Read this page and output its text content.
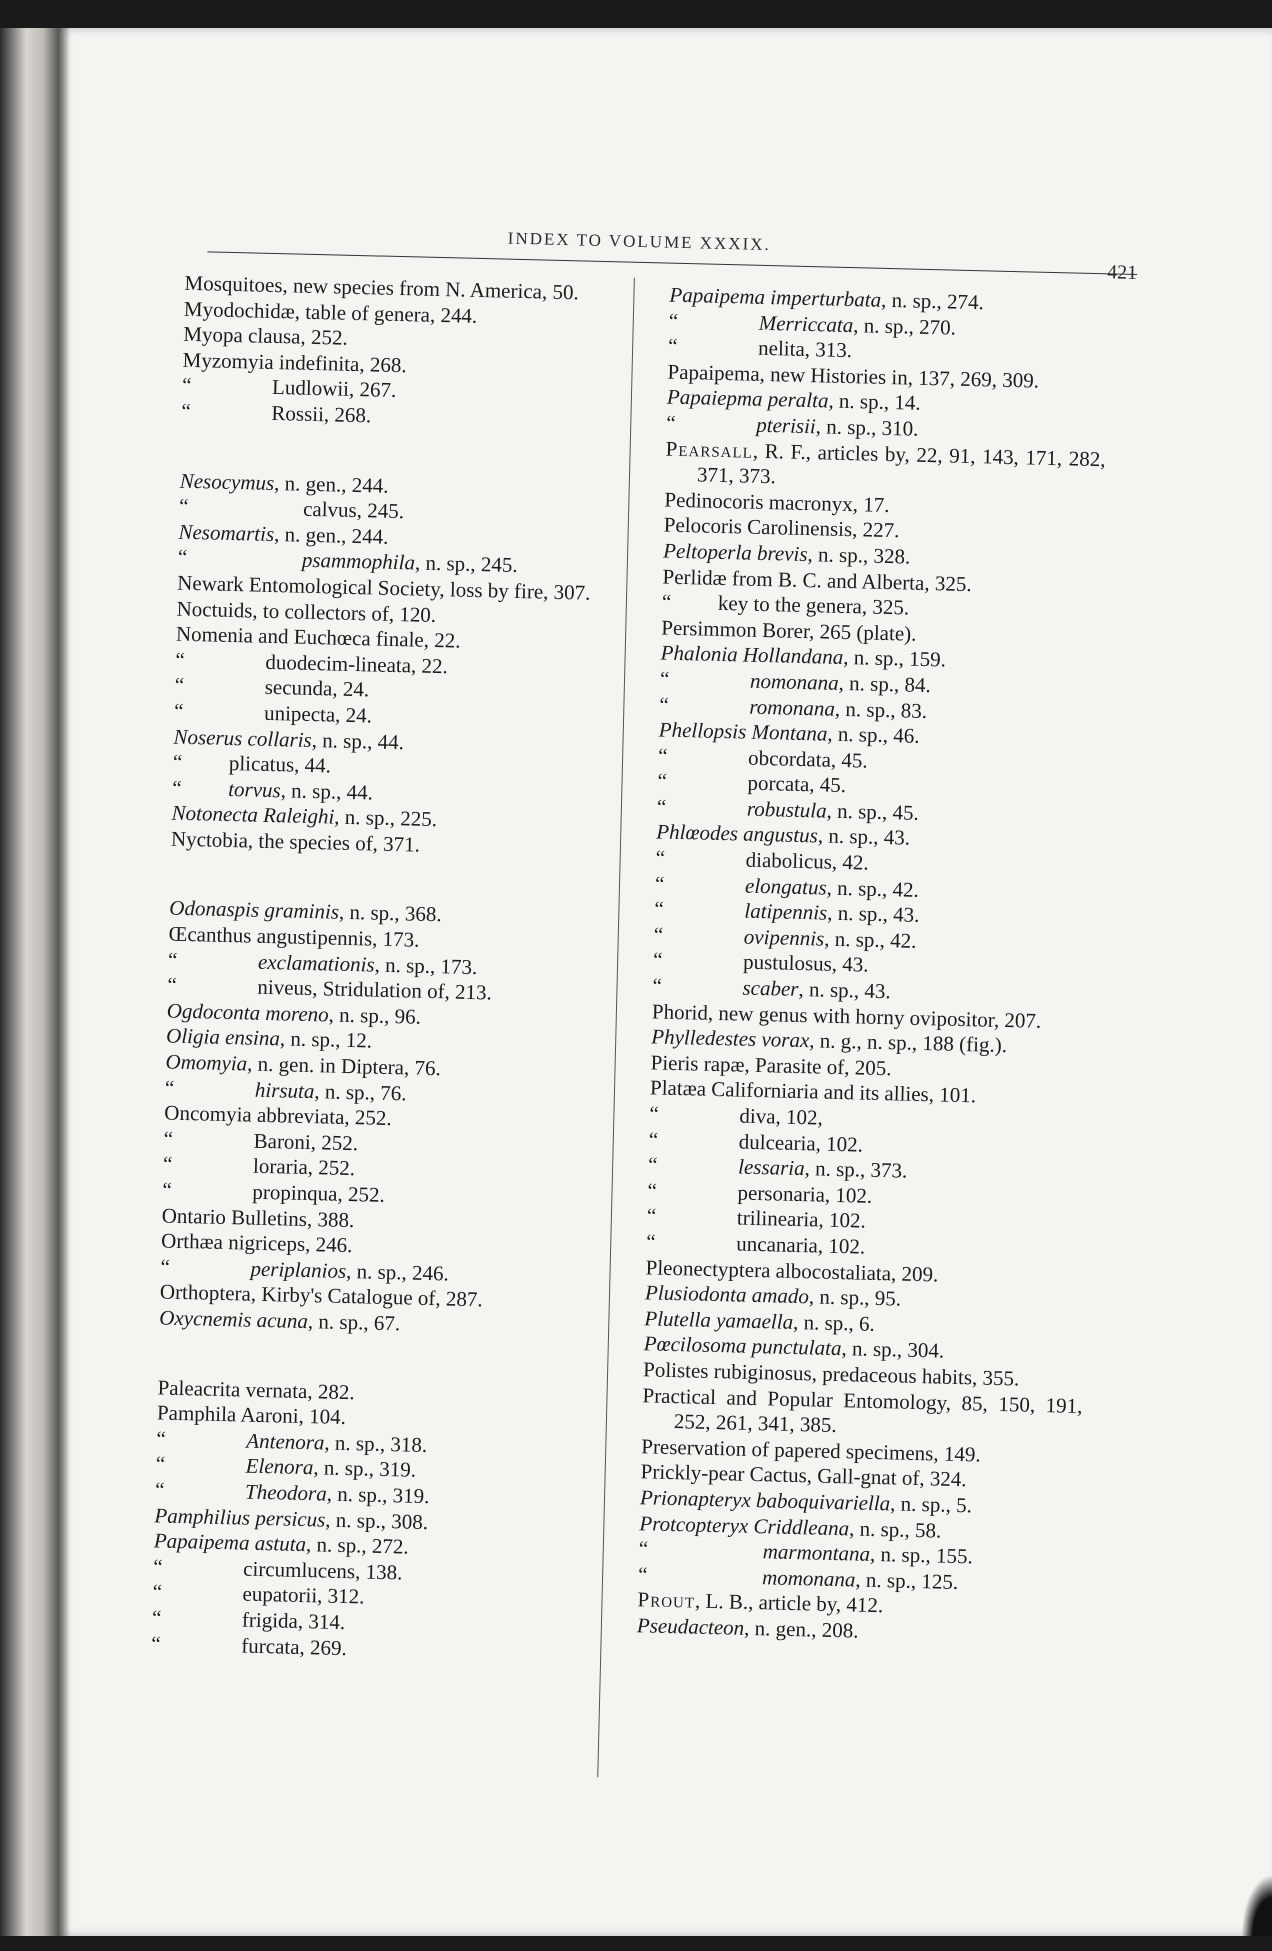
INDEX TO VOLUME XXXIX.
421

Mosquitoes, new species from N. America, 50.

Myodochidæ, table of genera, 244.

Myopa clausa, 252.

Myzomyia indefinita, 268.

“	Ludlowii, 267.

“	Rossii, 268.

Nesocymus, n. gen., 244.

“	calvus, 245.

Nesomartis, n. gen., 244.

“	psammophila, n. sp., 245.

Newark Entomological Society, loss by fire, 307.

Noctuids, to collectors of, 120.

Nomenia and Euchœca finale, 22.

“	duodecim-lineata, 22.

“	secunda, 24.

“	unipecta, 24.

Noserus collaris, n. sp., 44.

“ plicatus, 44.

“ torvus, n. sp., 44.

Notonecta Raleighi, n. sp., 225.

Nyctobia, the species of, 371.

Odonaspis graminis, n. sp., 368.

Œcanthus angustipennis, 173.

“	exclamationis, n. sp., 173.

“	niveus, Stridulation of, 213.

Ogdoconta moreno, n. sp., 96.

Oligia ensina, n. sp., 12.

Omomyia, n. gen. in Diptera, 76.

“	hirsuta, n. sp., 76.

Oncomyia abbreviata, 252.

“	Baroni, 252.

“	loraria, 252.

“	propinqua, 252.

Ontario Bulletins, 388.

Orthæa nigriceps, 246.

“	periplanios, n. sp., 246.

Orthoptera, Kirby's Catalogue of, 287.

Oxycnemis acuna, n. sp., 67.

Paleacrita vernata, 282.

Pamphila Aaroni, 104.

“	Antenora, n. sp., 318.

“	Elenora, n. sp., 319.

“	Theodora, n. sp., 319.

Pamphilius persicus, n. sp., 308.

Papaipema astuta, n. sp., 272.

“	circumlucens, 138.

“	eupatorii, 312.

“	frigida, 314.

“	furcata, 269.

Papaipema imperturbata, n. sp., 274.

“	Merriccata, n. sp., 270.

“	nelita, 313.

Papaipema, new Histories in, 137, 269, 309.

Papaiepma peralta, n. sp., 14.

“	pterisii, n. sp., 310.

Pearsall, R. F., articles by, 22, 91, 143, 171, 282, 371, 373.

Pedinocoris macronyx, 17.

Pelocoris Carolinensis, 227.

Peltoperla brevis, n. sp., 328.

Perlidæ from B. C. and Alberta, 325.

“ key to the genera, 325.

Persimmon Borer, 265 (plate).

Phalonia Hollandana, n. sp., 159.

“	nomonana, n. sp., 84.

“	romonana, n. sp., 83.

Phellopsis Montana, n. sp., 46.

“	obcordata, 45.

“	porcata, 45.

“	robustula, n. sp., 45.

Phlœodes angustus, n. sp., 43.

“	diabolicus, 42.

“	elongatus, n. sp., 42.

“	latipennis, n. sp., 43.

“	ovipennis, n. sp., 42.

“	pustulosus, 43.

“	scaber, n. sp., 43.

Phorid, new genus with horny ovipositor, 207.

Phylledestes vorax, n. g., n. sp., 188 (fig.).

Pieris rapæ, Parasite of, 205.

Platæa Californiaria and its allies, 101.

“	diva, 102,

“	dulcearia, 102.

“	lessaria, n. sp., 373.

“	personaria, 102.

“	trilinearia, 102.

“	uncanaria, 102.

Pleonectyptera albocostaliata, 209.

Plusiodonta amado, n. sp., 95.

Plutella yamaella, n. sp., 6.

Pœcilosoma punctulata, n. sp., 304.

Polistes rubiginosus, predaceous habits, 355.

Practical and Popular Entomology, 85, 150, 191, 252, 261, 341, 385.

Preservation of papered specimens, 149.

Prickly-pear Cactus, Gall-gnat of, 324.

Prionapteryx baboquivariella, n. sp., 5.

Protcopteryx Criddleana, n. sp., 58.

“	marmontana, n. sp., 155.

“	momonana, n. sp., 125.

Prout, L. B., article by, 412.

Pseudacteon, n. gen., 208.
